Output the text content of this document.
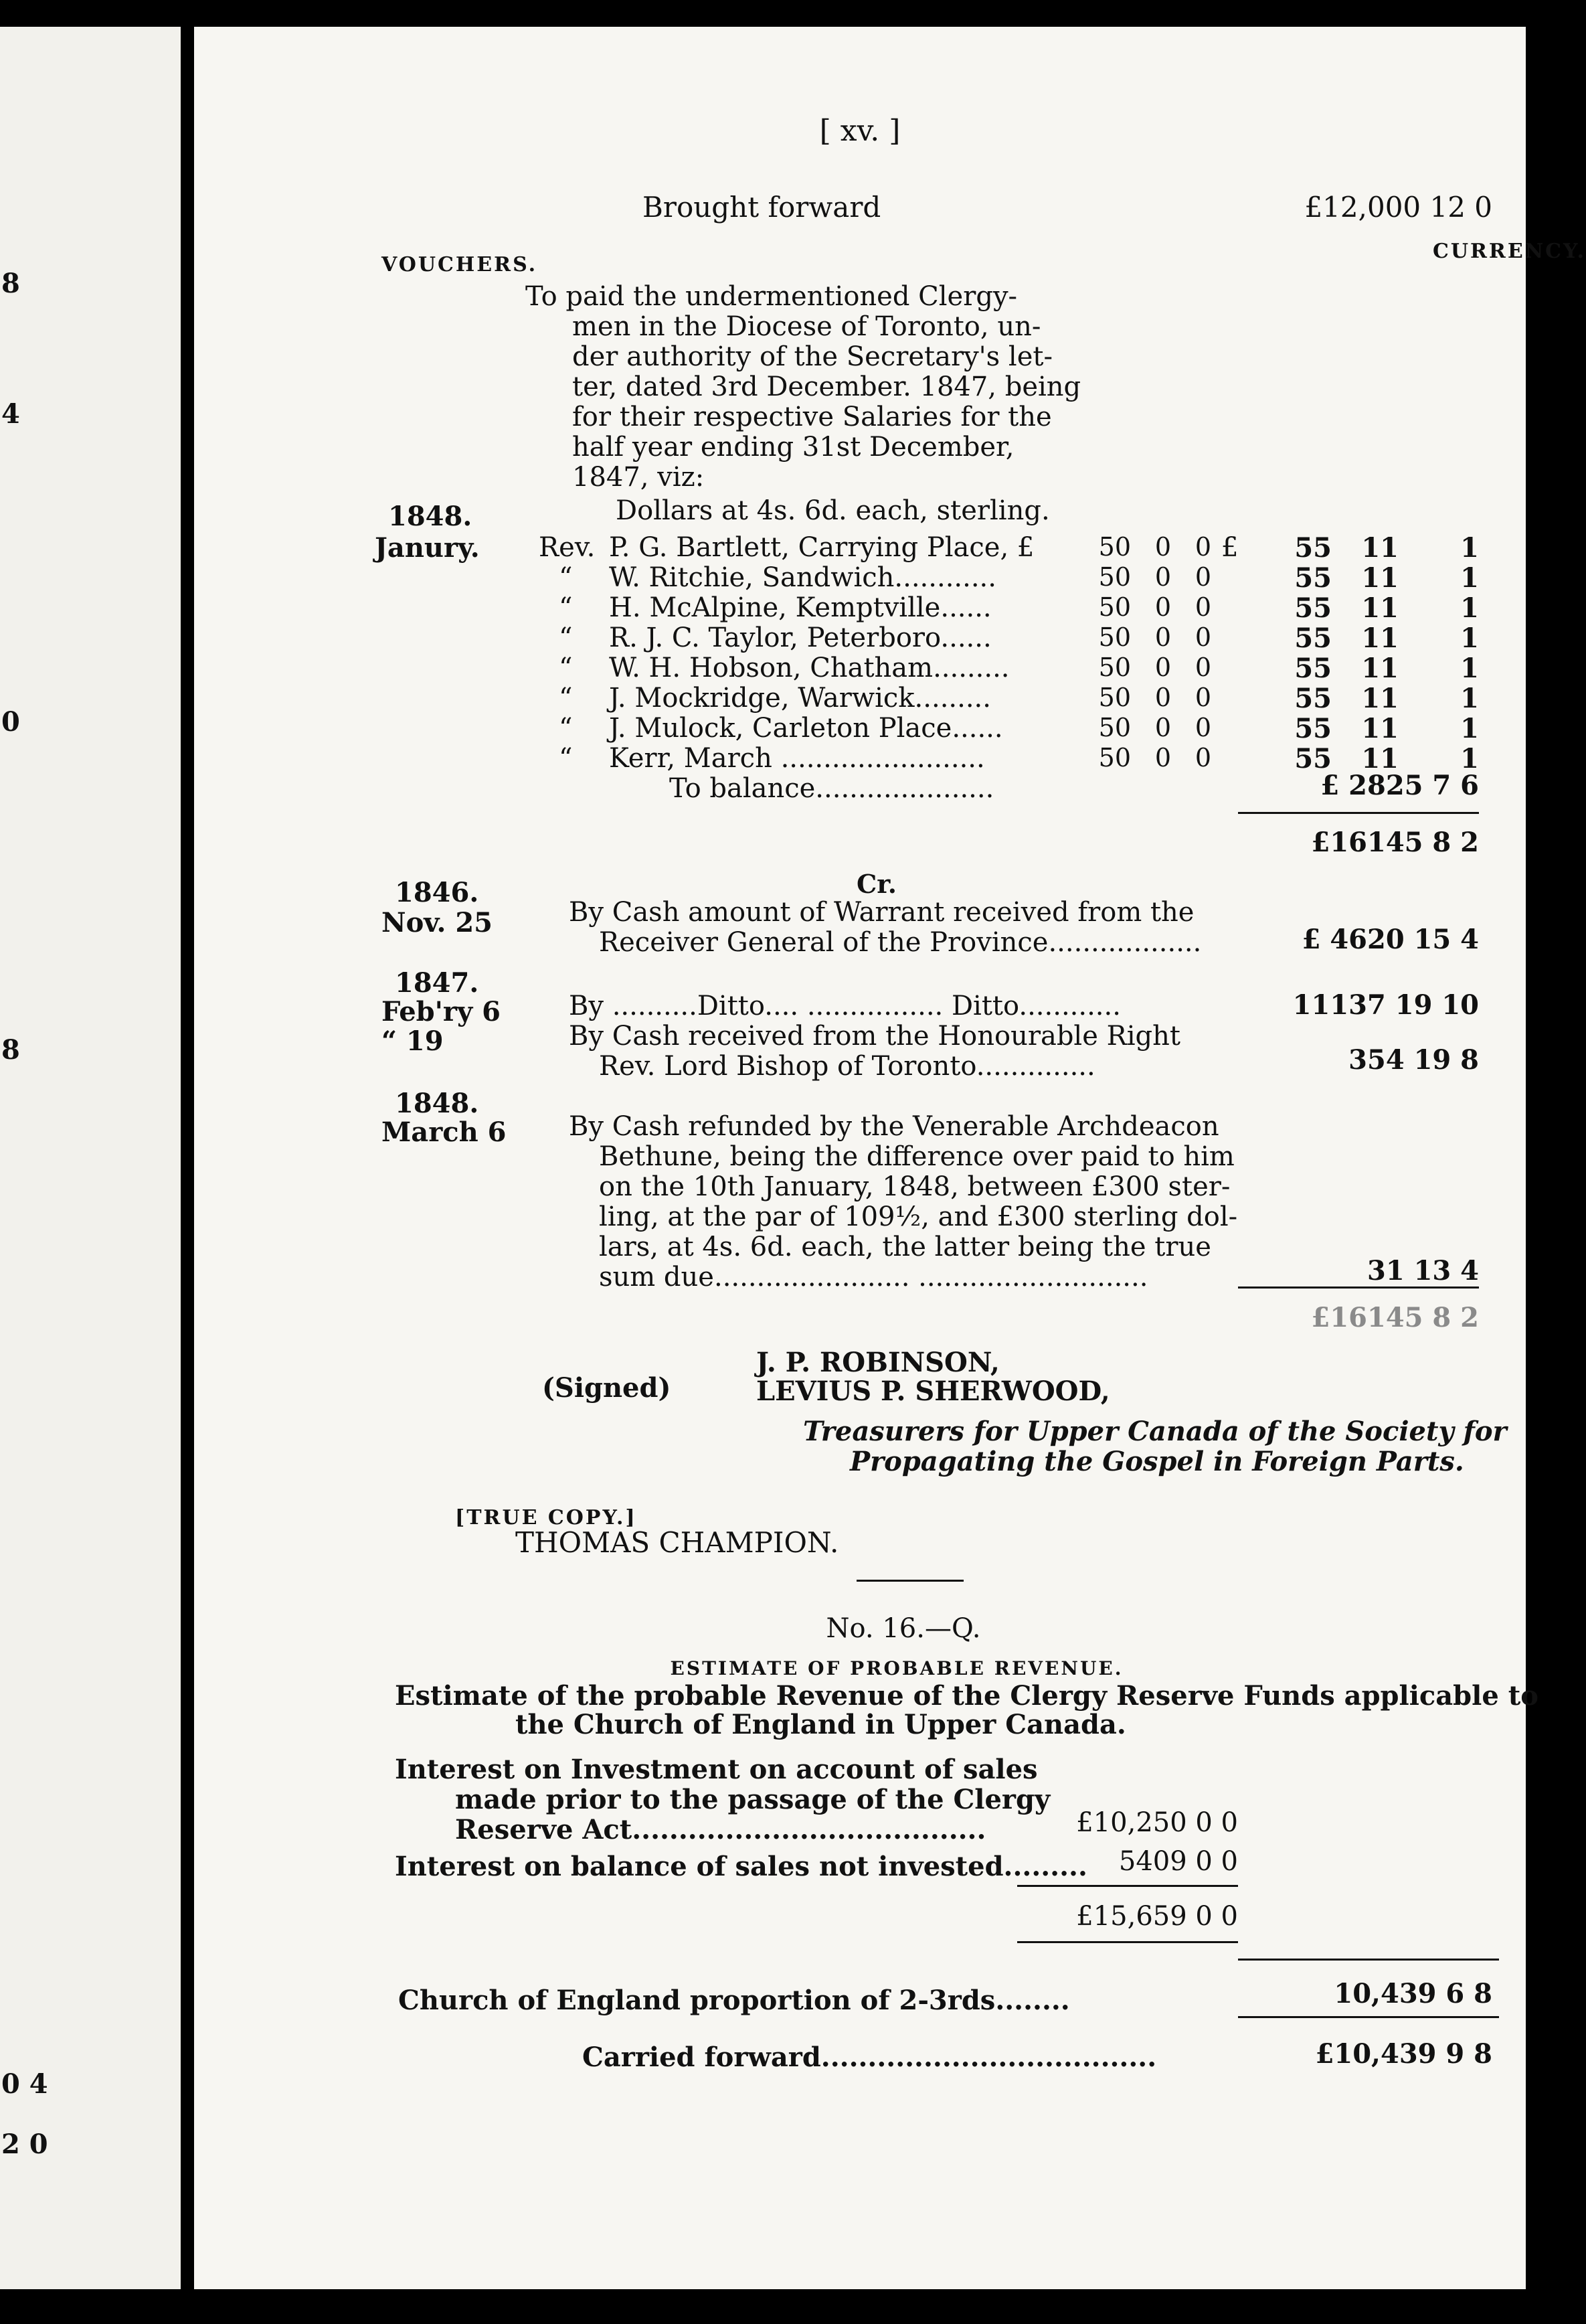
8
4
0
8
0 4
2 0
[ xv. ]
Brought forward	£12,000 12 0
VOUCHERS.
CURRENCY.
To paid the undermentioned Clergy-
men in the Diocese of Toronto, un-
der authority of the Secretary's let-
ter, dated 3rd December. 1847, being
for their respective Salaries for the
half year ending 31st December,
1847, viz:
Dollars at 4s. 6d. each, sterling.
1848.
Janury. Rev. P. G. Bartlett, Carrying Place, £	50 0 0 £	55	11	1
“ W. Ritchie, Sandwich............	50 0 0	55	11	1
“ H. McAlpine, Kemptville......	50 0 0	55	11	1
“ R. J. C. Taylor, Peterboro......	50 0 0	55	11	1
“ W. H. Hobson, Chatham.........	50 0 0	55	11	1
“ J. Mockridge, Warwick.........	50 0 0	55	11	1
“ J. Mulock, Carleton Place......	50 0 0	55	11	1
“ Kerr, March ........................	50 0 0	55	11	1
To balance.....................	£ 2825 7 6
£16145 8 2
Cr.
1846.
Nov. 25	By Cash amount of Warrant received from the
Receiver General of the Province..................	£ 4620 15 4
1847.
Feb'ry 6	By ..........Ditto.... ................ Ditto............	11137 19 10
“ 19	By Cash received from the Honourable Right
Rev. Lord Bishop of Toronto..............	354 19 8
1848.
March 6 By Cash refunded by the Venerable Archdeacon
Bethune, being the difference over paid to him
on the 10th January, 1848, between £300 ster-
ling, at the par of 109½, and £300 sterling dol-
lars, at 4s. 6d. each, the latter being the true
sum due....................... ...........................	31 13 4
£16145 8 2
(Signed)
J. P. ROBINSON,
LEVIUS P. SHERWOOD,
Treasurers for Upper Canada of the Society for
Propagating the Gospel in Foreign Parts.
[TRUE COPY.]
THOMAS CHAMPION.
No. 16.—Q.
ESTIMATE OF PROBABLE REVENUE.
Estimate of the probable Revenue of the Clergy Reserve Funds applicable to
the Church of England in Upper Canada.
Interest on Investment on account of sales
made prior to the passage of the Clergy
Reserve Act......................................	£10,250 0 0
Interest on balance of sales not invested.........	5409 0 0
£15,659 0 0
Church of England proportion of 2-3rds........	10,439 6 8
Carried forward....................................	£10,439 9 8
